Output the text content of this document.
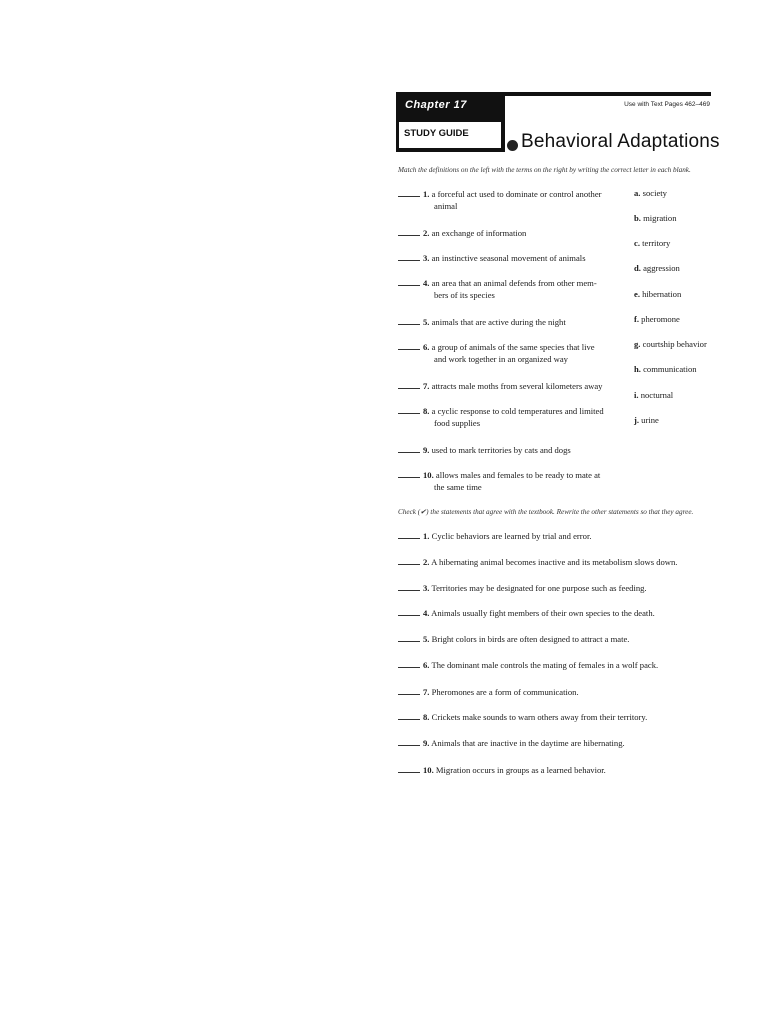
Chapter 17	Use with Text Pages 462–469
STUDY GUIDE	Behavioral Adaptations
Match the definitions on the left with the terms on the right by writing the correct letter in each blank.
1. a forceful act used to dominate or control another
animal
2. an exchange of information
3. an instinctive seasonal movement of animals
4. an area that an animal defends from other mem-
bers of its species
5. animals that are active during the night
6. a group of animals of the same species that live
and work together in an organized way
7. attracts male moths from several kilometers away
8. a cyclic response to cold temperatures and limited
food supplies
9. used to mark territories by cats and dogs
10. allows males and females to be ready to mate at
the same time
a. society
b. migration
c. territory
d. aggression
e. hibernation
f. pheromone
g. courtship behavior
h. communication
i. nocturnal
j. urine
Check (✔) the statements that agree with the textbook. Rewrite the other statements so that they agree.
1. Cyclic behaviors are learned by trial and error.
2. A hibernating animal becomes inactive and its metabolism slows down.
3. Territories may be designated for one purpose such as feeding.
4. Animals usually fight members of their own species to the death.
5. Bright colors in birds are often designed to attract a mate.
6. The dominant male controls the mating of females in a wolf pack.
7. Pheromones are a form of communication.
8. Crickets make sounds to warn others away from their territory.
9. Animals that are inactive in the daytime are hibernating.
10. Migration occurs in groups as a learned behavior.
